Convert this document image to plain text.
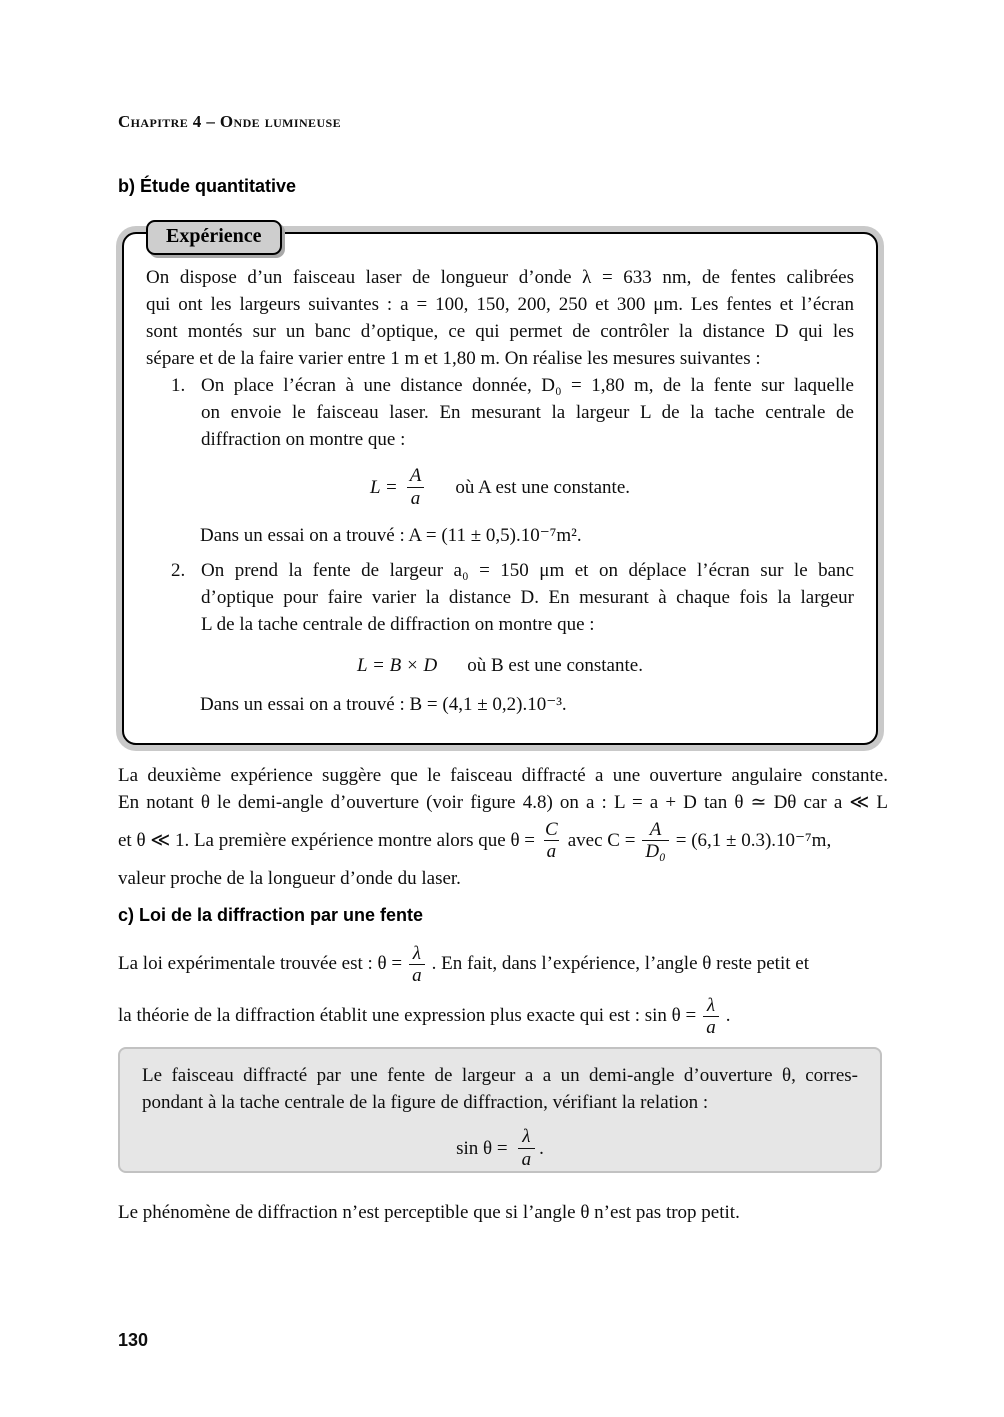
Chapitre 4 – Onde lumineuse
b) Étude quantitative
Expérience
On dispose d’un faisceau laser de longueur d’onde λ = 633 nm, de fentes calibrées
qui ont les largeurs suivantes : a = 100, 150, 200, 250 et 300 μm. Les fentes et l’écran
sont montés sur un banc d’optique, ce qui permet de contrôler la distance D qui les
sépare et de la faire varier entre 1 m et 1,80 m. On réalise les mesures suivantes :
1. On place l’écran à une distance donnée, D₀ = 1,80 m, de la fente sur laquelle
on envoie le faisceau laser. En mesurant la largeur L de la tache centrale de
diffraction on montre que :
$L = \frac{A}{a}$ où A est une constante.
Dans un essai on a trouvé : A = (11 ± 0,5).10⁻⁷m².
2. On prend la fente de largeur a₀ = 150 μm et on déplace l’écran sur le banc
d’optique pour faire varier la distance D. En mesurant à chaque fois la largeur
L de la tache centrale de diffraction on montre que :
L = B × D où B est une constante.
Dans un essai on a trouvé : B = (4,1 ± 0,2).10⁻³.
La deuxième expérience suggère que le faisceau diffracté a une ouverture angulaire constante.
En notant θ le demi-angle d’ouverture (voir figure 4.8) on a : L = a + D tan θ ≃ Dθ car a ≪ L
et θ ≪ 1. La première expérience montre alors que $\theta = \frac{C}{a}$ avec $C = \frac{A}{\text{D₀}} = (6,1 \pm 0.3).10^{-7}m$,
valeur proche de la longueur d’onde du laser.
c) Loi de la diffraction par une fente
La loi expérimentale trouvée est : $\theta = \frac{\lambda}{a}$ . En fait, dans l’expérience, l’angle θ reste petit et
la théorie de la diffraction établit une expression plus exacte qui est : $\sin \theta = \frac{\lambda}{a}$ .
Le faisceau diffracté par une fente de largeur a a un demi-angle d’ouverture θ, corres-
pondant à la tache centrale de la figure de diffraction, vérifiant la relation :
$\sin \theta = \frac{\lambda}{a}$ .
Le phénomène de diffraction n’est perceptible que si l’angle θ n’est pas trop petit.
130
